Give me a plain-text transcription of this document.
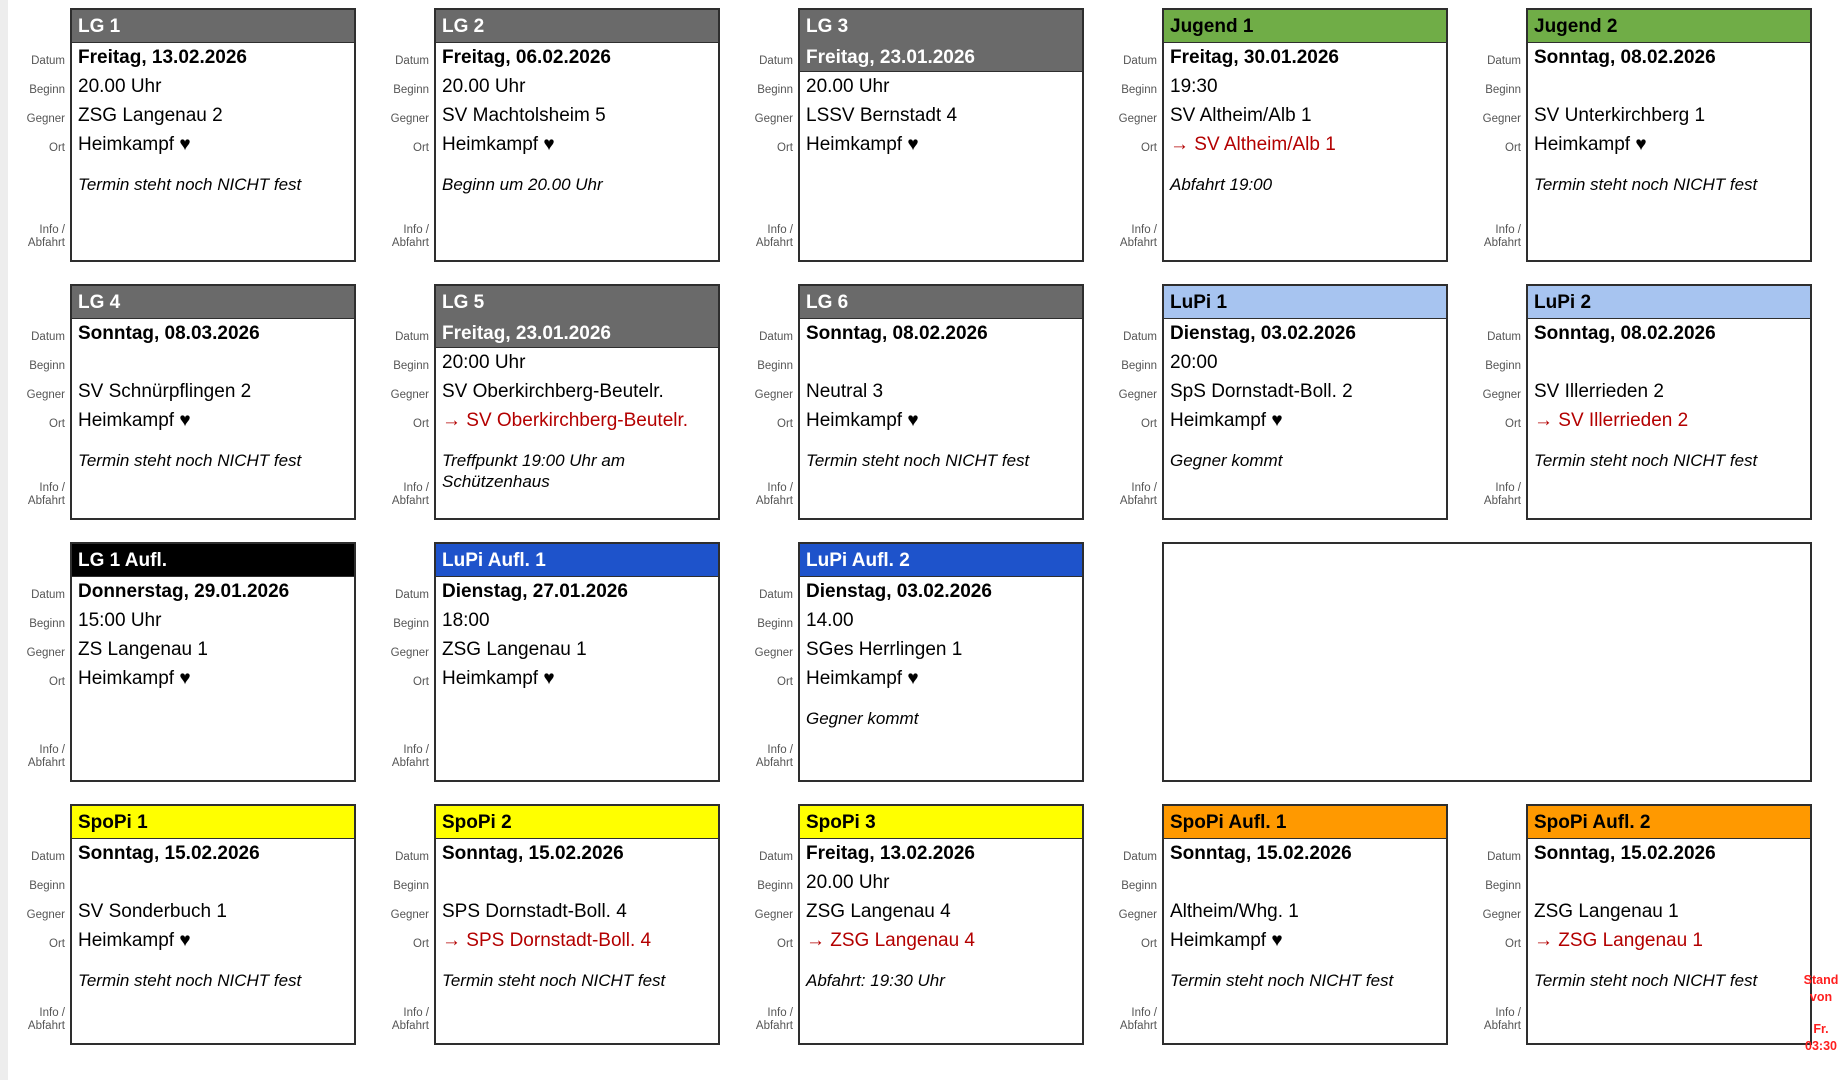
Datum
Beginn
Gegner
Ort
Info /
Abfahrt
LG 1
Freitag, 13.02.2026
20.00 Uhr
ZSG Langenau 2
Heimkampf ♥
Termin steht noch NICHT fest
Datum
Beginn
Gegner
Ort
Info /
Abfahrt
LG 2
Freitag, 06.02.2026
20.00 Uhr
SV Machtolsheim 5
Heimkampf ♥
Beginn um 20.00 Uhr
Datum
Beginn
Gegner
Ort
Info /
Abfahrt
LG 3
Freitag, 23.01.2026
20.00 Uhr
LSSV Bernstadt 4
Heimkampf ♥
Datum
Beginn
Gegner
Ort
Info /
Abfahrt
Jugend 1
Freitag, 30.01.2026
19:30
SV Altheim/Alb 1
→ SV Altheim/Alb 1
Abfahrt 19:00
Datum
Beginn
Gegner
Ort
Info /
Abfahrt
Jugend 2
Sonntag, 08.02.2026
SV Unterkirchberg 1
Heimkampf ♥
Termin steht noch NICHT fest
Datum
Beginn
Gegner
Ort
Info /
Abfahrt
LG 4
Sonntag, 08.03.2026
SV Schnürpflingen 2
Heimkampf ♥
Termin steht noch NICHT fest
Datum
Beginn
Gegner
Ort
Info /
Abfahrt
LG 5
Freitag, 23.01.2026
20:00 Uhr
SV Oberkirchberg-Beutelr.
→ SV Oberkirchberg-Beutelr.
Treffpunkt 19:00 Uhr am Schützenhaus
Datum
Beginn
Gegner
Ort
Info /
Abfahrt
LG 6
Sonntag, 08.02.2026
Neutral 3
Heimkampf ♥
Termin steht noch NICHT fest
Datum
Beginn
Gegner
Ort
Info /
Abfahrt
LuPi 1
Dienstag, 03.02.2026
20:00
SpS Dornstadt-Boll. 2
Heimkampf ♥
Gegner kommt
Datum
Beginn
Gegner
Ort
Info /
Abfahrt
LuPi 2
Sonntag, 08.02.2026
SV Illerrieden 2
→ SV Illerrieden 2
Termin steht noch NICHT fest
Datum
Beginn
Gegner
Ort
Info /
Abfahrt
LG 1 Aufl.
Donnerstag, 29.01.2026
15:00 Uhr
ZS Langenau 1
Heimkampf ♥
Datum
Beginn
Gegner
Ort
Info /
Abfahrt
LuPi Aufl. 1
Dienstag, 27.01.2026
18:00
ZSG Langenau 1
Heimkampf ♥
Datum
Beginn
Gegner
Ort
Info /
Abfahrt
LuPi Aufl. 2
Dienstag, 03.02.2026
14.00
SGes Herrlingen 1
Heimkampf ♥
Gegner kommt
Datum
Beginn
Gegner
Ort
Info /
Abfahrt
SpoPi 1
Sonntag, 15.02.2026
SV Sonderbuch 1
Heimkampf ♥
Termin steht noch NICHT fest
Datum
Beginn
Gegner
Ort
Info /
Abfahrt
SpoPi 2
Sonntag, 15.02.2026
SPS Dornstadt-Boll. 4
→ SPS Dornstadt-Boll. 4
Termin steht noch NICHT fest
Datum
Beginn
Gegner
Ort
Info /
Abfahrt
SpoPi 3
Freitag, 13.02.2026
20.00 Uhr
ZSG Langenau 4
→ ZSG Langenau 4
Abfahrt: 19:30 Uhr
Datum
Beginn
Gegner
Ort
Info /
Abfahrt
SpoPi Aufl. 1
Sonntag, 15.02.2026
Altheim/Whg. 1
Heimkampf ♥
Termin steht noch NICHT fest
Datum
Beginn
Gegner
Ort
Info /
Abfahrt
SpoPi Aufl. 2
Sonntag, 15.02.2026
ZSG Langenau 1
→ ZSG Langenau 1
Termin steht noch NICHT fest	Stand
von
Fr.
03:30
